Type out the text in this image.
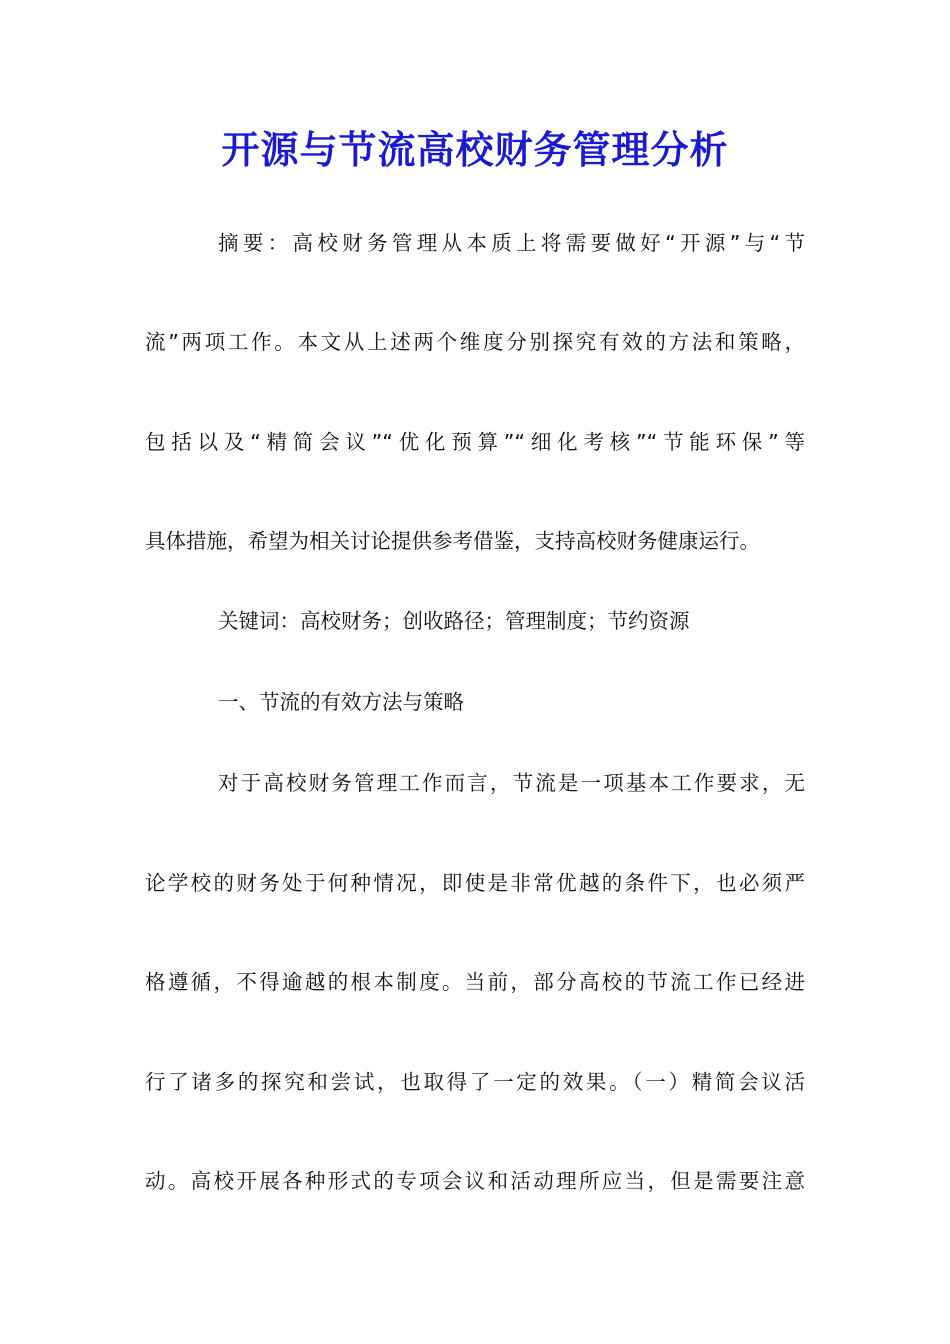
开源与节流高校财务管理分析
摘要：高校财务管理从本质上将需要做好“开源”与“节
流”两项工作。本文从上述两个维度分别探究有效的方法和策略，
包括以及“精简会议”“优化预算”“细化考核”“节能环保”等
具体措施，希望为相关讨论提供参考借鉴，支持高校财务健康运行。
关键词：高校财务；创收路径；管理制度；节约资源
一、节流的有效方法与策略
对于高校财务管理工作而言，节流是一项基本工作要求，无
论学校的财务处于何种情况，即使是非常优越的条件下，也必须严
格遵循，不得逾越的根本制度。当前，部分高校的节流工作已经进
行了诸多的探究和尝试，也取得了一定的效果。（一）精简会议活
动。高校开展各种形式的专项会议和活动理所应当，但是需要注意
